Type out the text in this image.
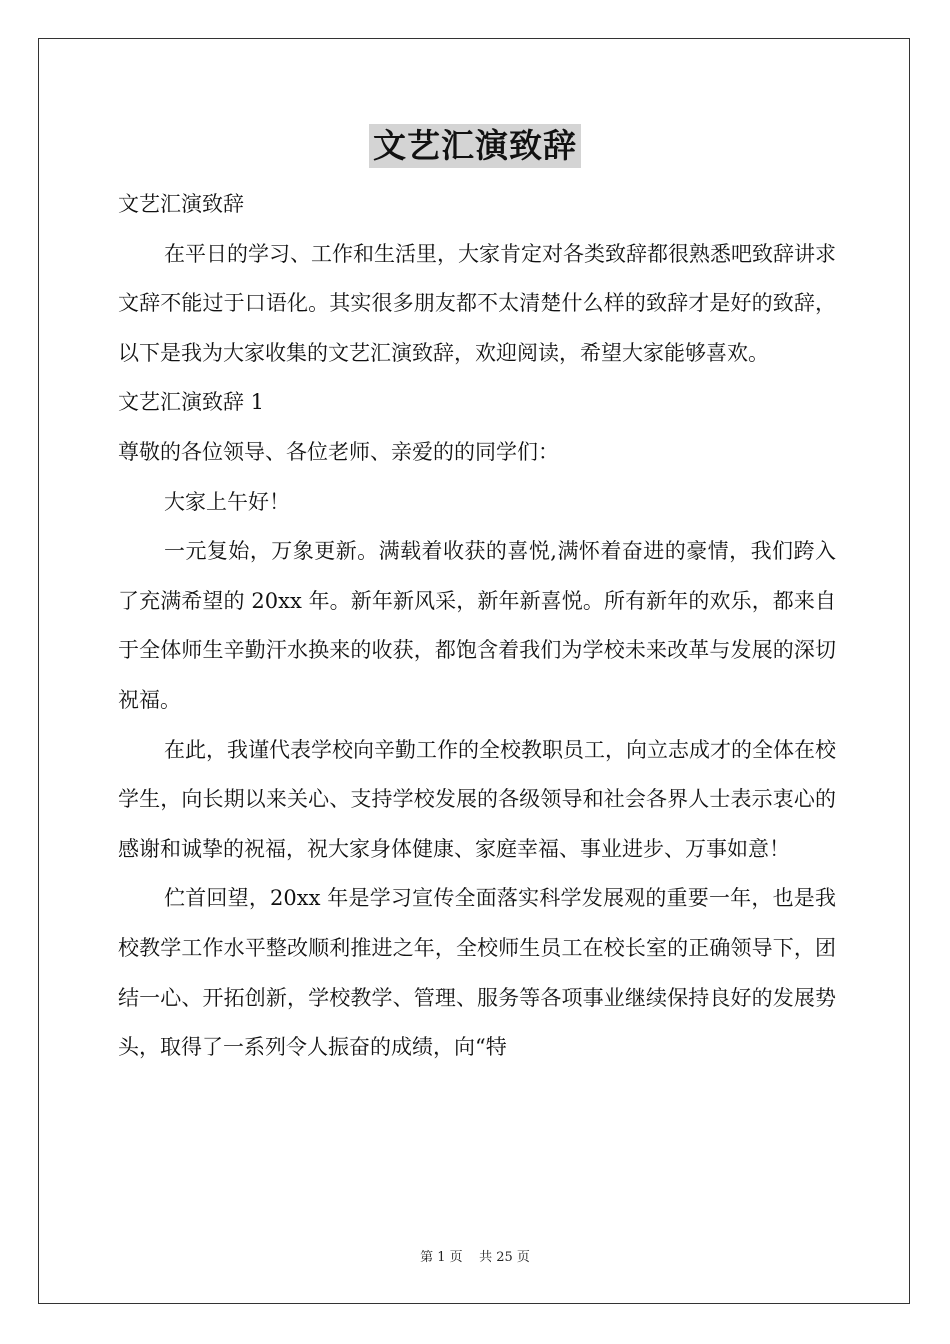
文艺汇演致辞

文艺汇演致辞

在平日的学习、工作和生活里，大家肯定对各类致辞都很熟悉吧致辞讲求文辞不能过于口语化。其实很多朋友都不太清楚什么样的致辞才是好的致辞，以下是我为大家收集的文艺汇演致辞，欢迎阅读，希望大家能够喜欢。

文艺汇演致辞 1

尊敬的各位领导、各位老师、亲爱的的同学们：

大家上午好！

一元复始，万象更新。满载着收获的喜悦,满怀着奋进的豪情，我们跨入了充满希望的 20xx 年。新年新风采，新年新喜悦。所有新年的欢乐，都来自于全体师生辛勤汗水换来的收获，都饱含着我们为学校未来改革与发展的深切祝福。

在此，我谨代表学校向辛勤工作的全校教职员工，向立志成才的全体在校学生，向长期以来关心、支持学校发展的各级领导和社会各界人士表示衷心的感谢和诚挚的祝福，祝大家身体健康、家庭幸福、事业进步、万事如意！

伫首回望，20xx 年是学习宣传全面落实科学发展观的重要一年，也是我校教学工作水平整改顺利推进之年，全校师生员工在校长室的正确领导下，团结一心、开拓创新，学校教学、管理、服务等各项事业继续保持良好的发展势头，取得了一系列令人振奋的成绩，向“特

第 1 页    共 25 页
